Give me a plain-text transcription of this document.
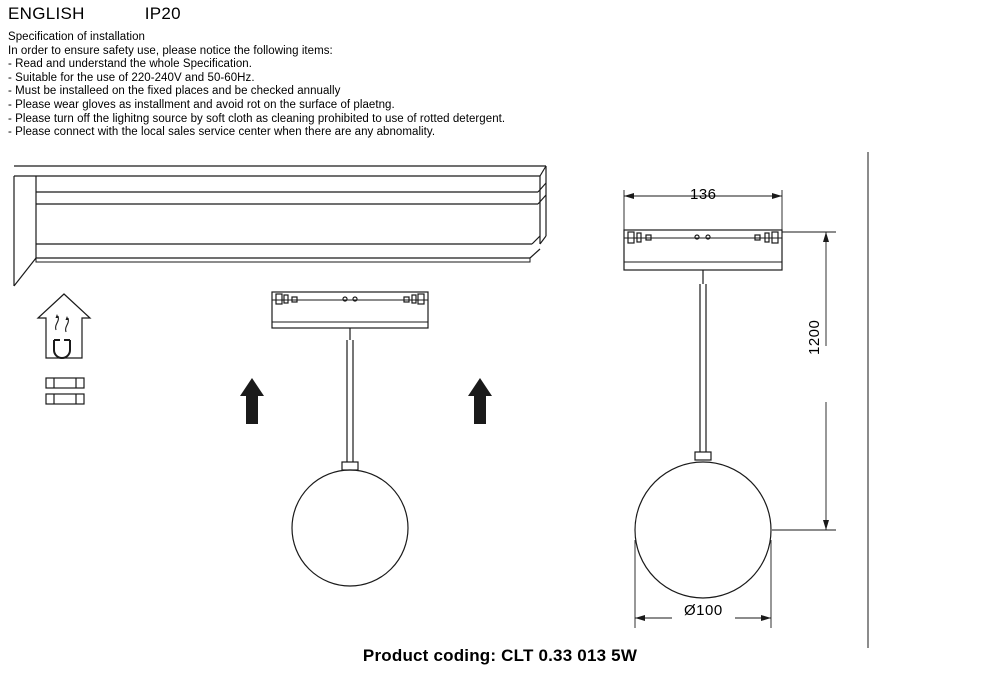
ENGLISH	IP20
Specification of installation
In order to ensure safety use, please notice the following items:
- Read and understand the whole Specification.
- Suitable for the use of 220-240V and 50-60Hz.
- Must be installeed on the fixed places and be checked annually
- Please wear gloves as installment and avoid rot on the surface of plaetng.
- Please turn off the lighitng source by soft cloth as cleaning prohibited to use of rotted detergent.
- Please connect with the local sales service center when there are any abnomality.
136
Ø100
1200
Product coding: CLT 0.33 013 5W
